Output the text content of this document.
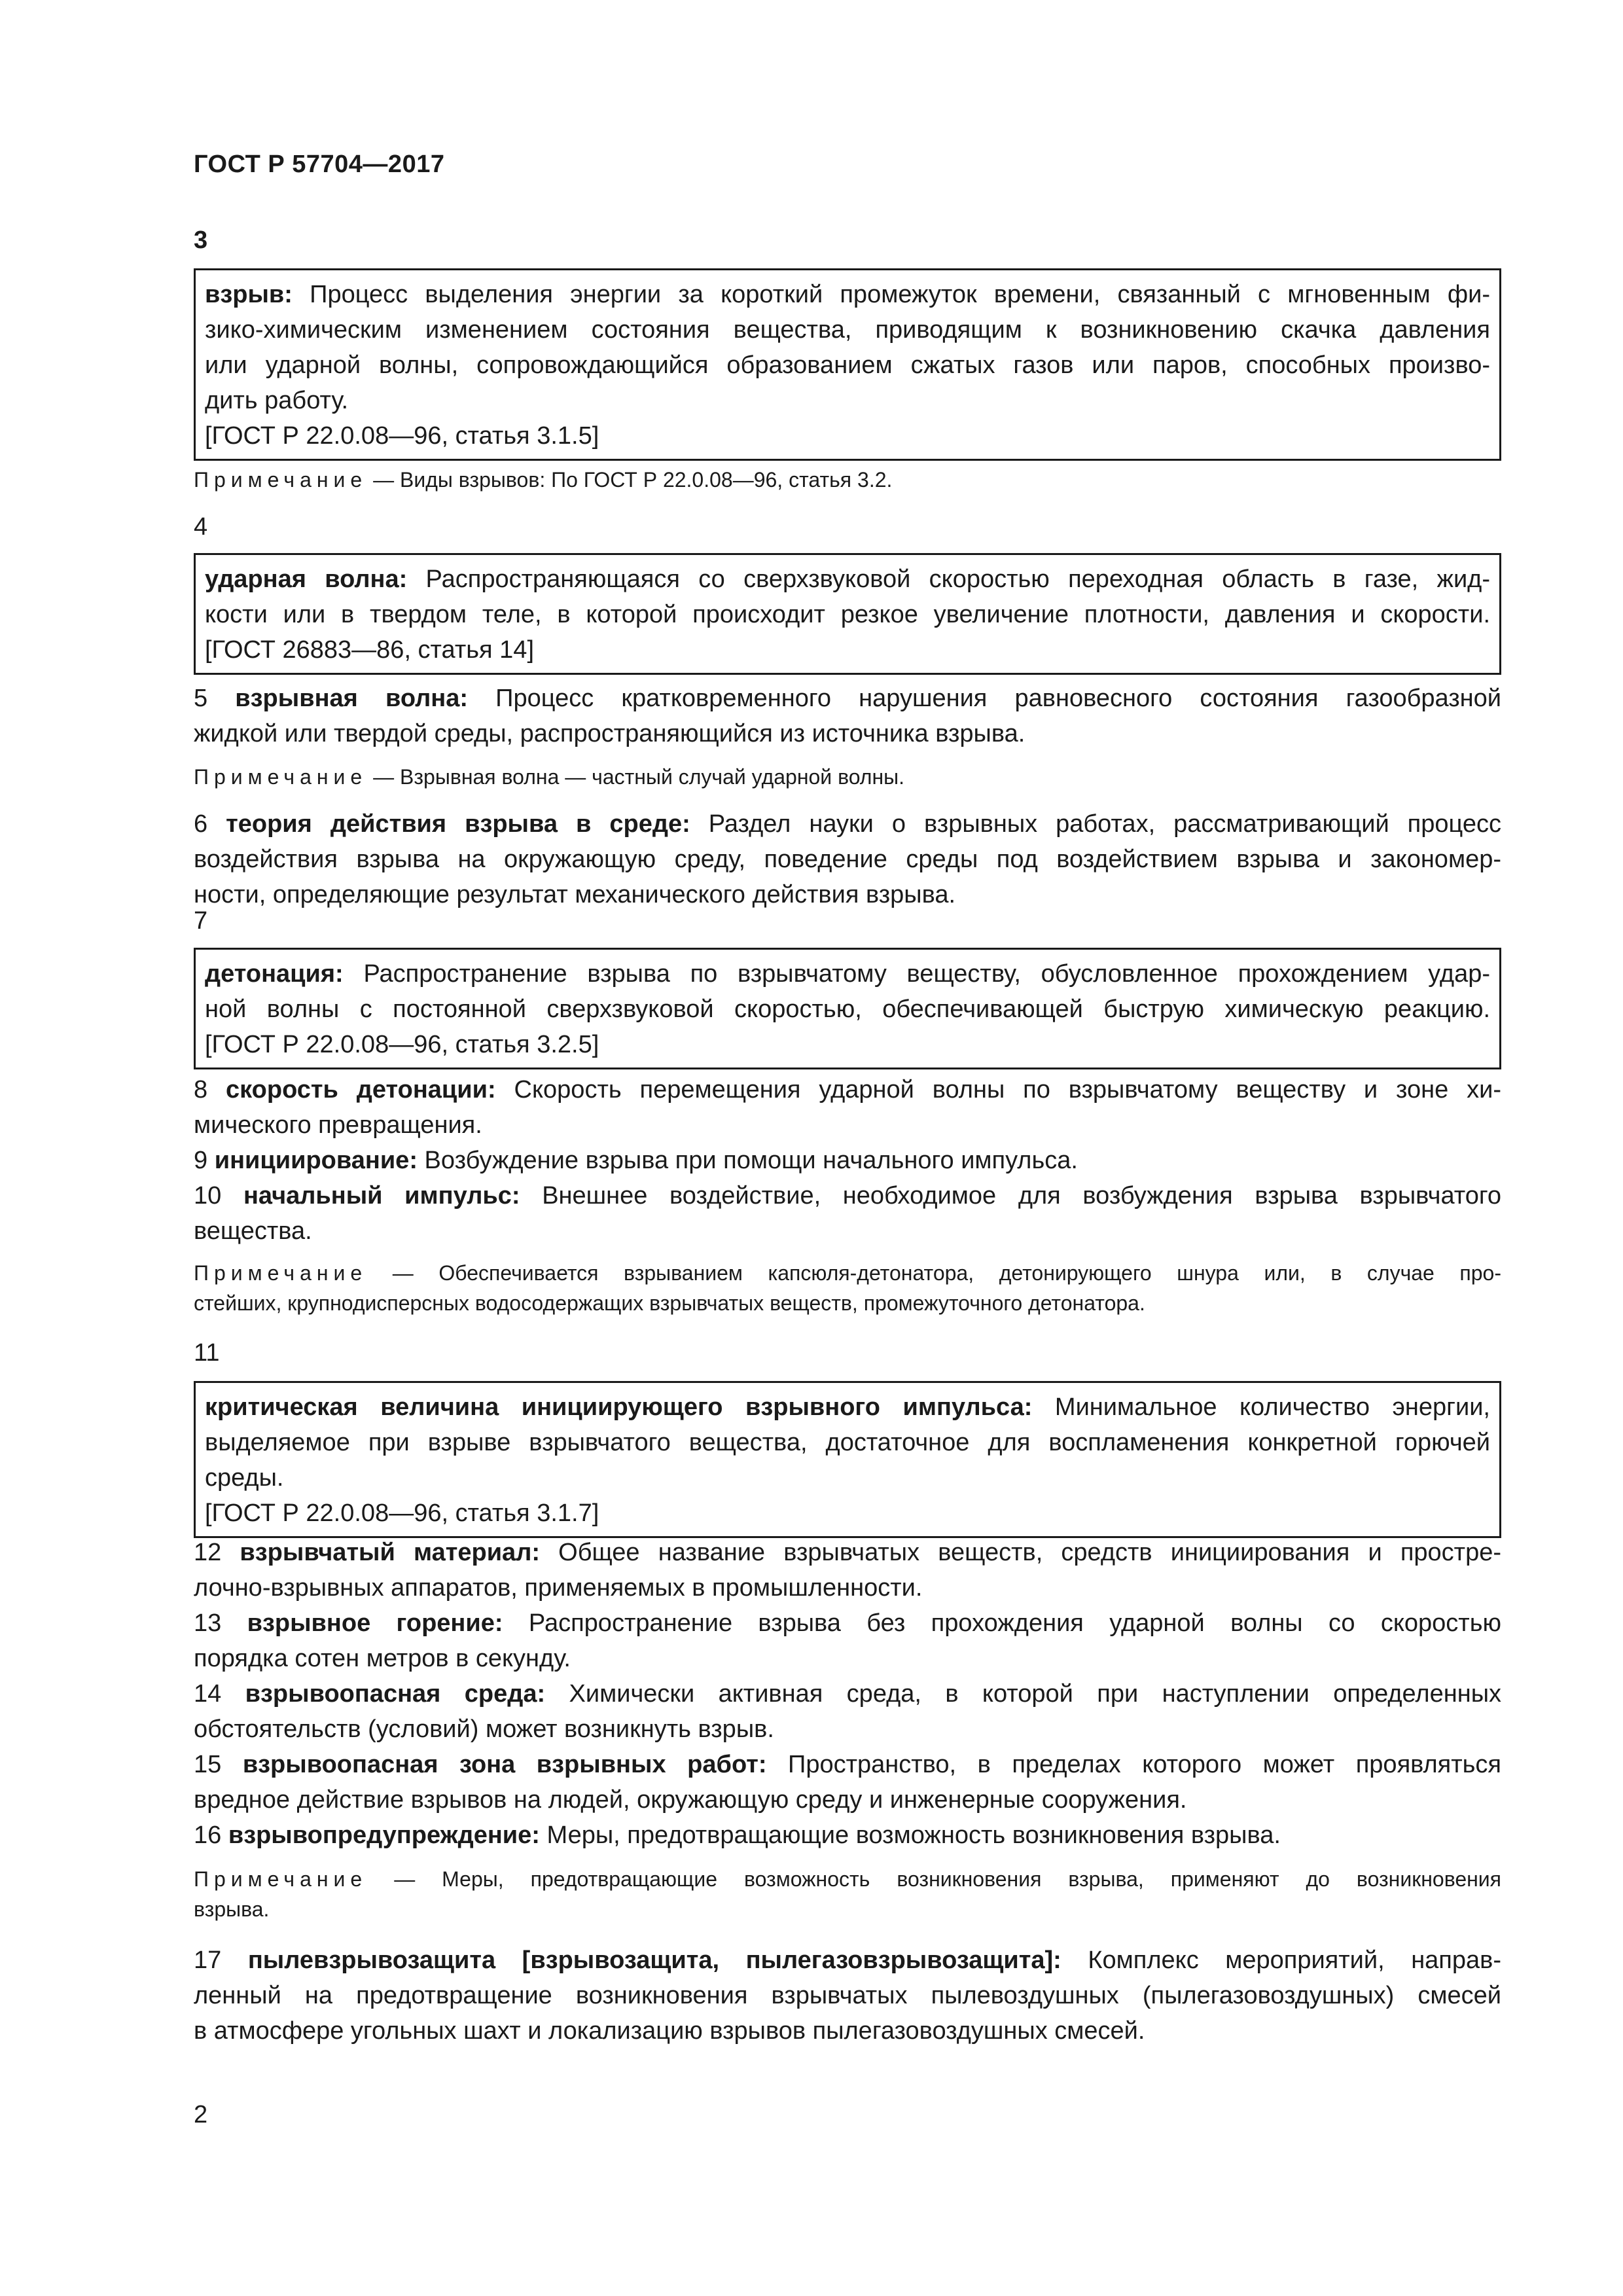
ГОСТ Р 57704—2017
3
взрыв: Процесс выделения энергии за короткий промежуток времени, связанный с мгновенным фи-
зико-химическим изменением состояния вещества, приводящим к возникновению скачка давления
или ударной волны, сопровождающийся образованием сжатых газов или паров, способных произво-
дить работу.
[ГОСТ Р 22.0.08—96, статья 3.1.5]
Примечание — Виды взрывов: По ГОСТ Р 22.0.08—96, статья 3.2.
4
ударная волна: Распространяющаяся со сверхзвуковой скоростью переходная область в газе, жид-
кости или в твердом теле, в которой происходит резкое увеличение плотности, давления и скорости.
[ГОСТ 26883—86, статья 14]
5 взрывная волна: Процесс кратковременного нарушения равновесного состояния газообразной
жидкой или твердой среды, распространяющийся из источника взрыва.
Примечание — Взрывная волна — частный случай ударной волны.
6 теория действия взрыва в среде: Раздел науки о взрывных работах, рассматривающий процесс
воздействия взрыва на окружающую среду, поведение среды под воздействием взрыва и закономер-
ности, определяющие результат механического действия взрыва.
7
детонация: Распространение взрыва по взрывчатому веществу, обусловленное прохождением удар-
ной волны с постоянной сверхзвуковой скоростью, обеспечивающей быструю химическую реакцию.
[ГОСТ Р 22.0.08—96, статья 3.2.5]
8 скорость детонации: Скорость перемещения ударной волны по взрывчатому веществу и зоне хи-
мического превращения.
9 инициирование: Возбуждение взрыва при помощи начального импульса.
10 начальный импульс: Внешнее воздействие, необходимое для возбуждения взрыва взрывчатого
вещества.
Примечание — Обеспечивается взрыванием капсюля-детонатора, детонирующего шнура или, в случае про-
стейших, крупнодисперсных водосодержащих взрывчатых веществ, промежуточного детонатора.
11
критическая величина инициирующего взрывного импульса: Минимальное количество энергии,
выделяемое при взрыве взрывчатого вещества, достаточное для воспламенения конкретной горючей
среды.
[ГОСТ Р 22.0.08—96, статья 3.1.7]
12 взрывчатый материал: Общее название взрывчатых веществ, средств инициирования и простре-
лочно-взрывных аппаратов, применяемых в промышленности.
13 взрывное горение: Распространение взрыва без прохождения ударной волны со скоростью
порядка сотен метров в секунду.
14 взрывоопасная среда: Химически активная среда, в которой при наступлении определенных
обстоятельств (условий) может возникнуть взрыв.
15 взрывоопасная зона взрывных работ: Пространство, в пределах которого может проявляться
вредное действие взрывов на людей, окружающую среду и инженерные сооружения.
16 взрывопредупреждение: Меры, предотвращающие возможность возникновения взрыва.
Примечание — Меры, предотвращающие возможность возникновения взрыва, применяют до возникновения
взрыва.
17 пылевзрывозащита [взрывозащита, пылегазовзрывозащита]: Комплекс мероприятий, направ-
ленный на предотвращение возникновения взрывчатых пылевоздушных (пылегазовоздушных) смесей
в атмосфере угольных шахт и локализацию взрывов пылегазовоздушных смесей.
2
